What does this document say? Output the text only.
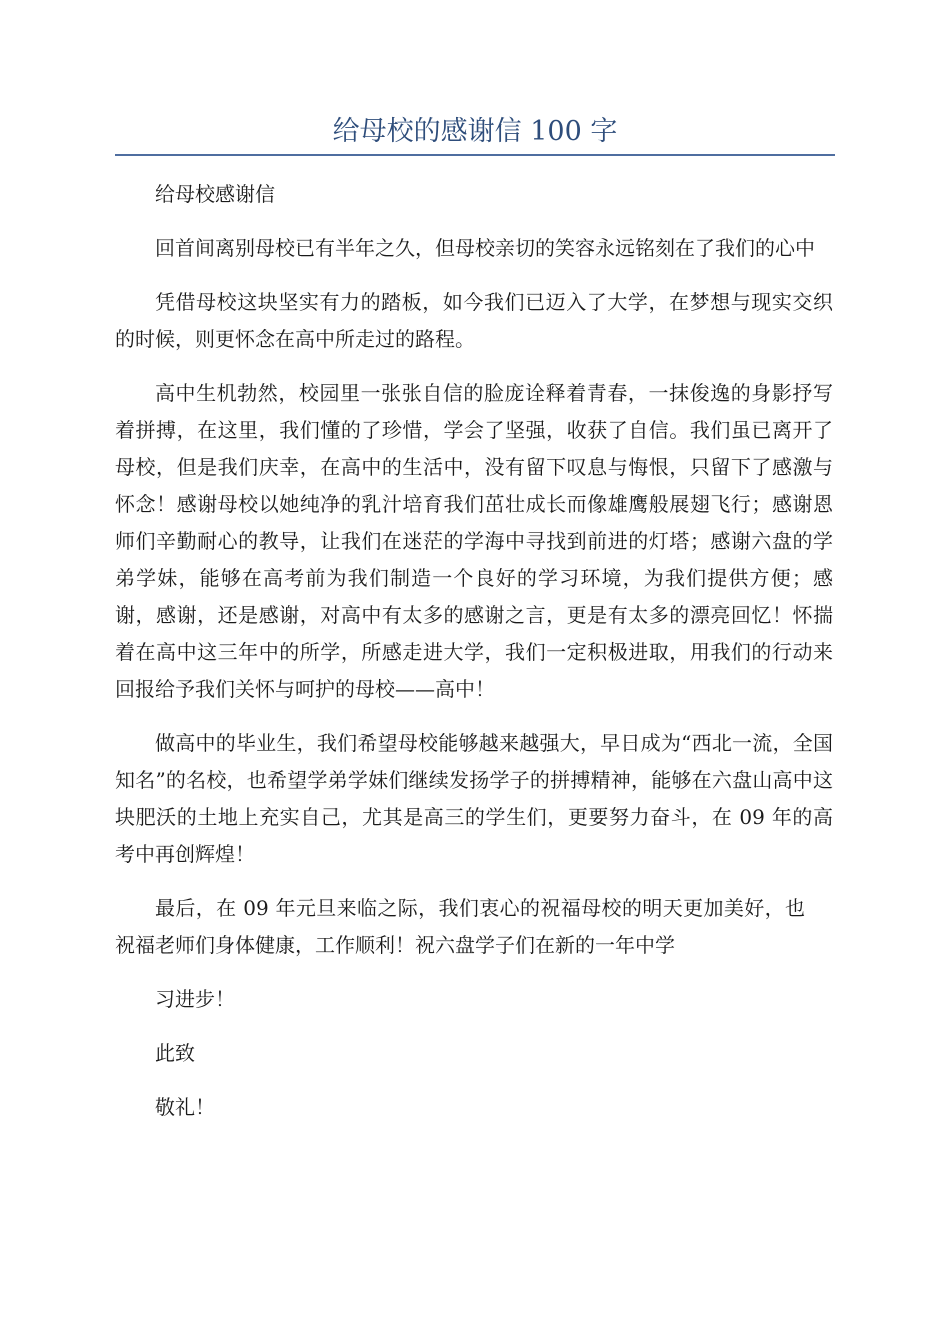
给母校的感谢信 100 字

给母校感谢信

回首间离别母校已有半年之久，但母校亲切的笑容永远铭刻在了我们的心中

凭借母校这块坚实有力的踏板，如今我们已迈入了大学，在梦想与现实交织的时候，则更怀念在高中所走过的路程。

高中生机勃然，校园里一张张自信的脸庞诠释着青春，一抹俊逸的身影抒写着拼搏，在这里，我们懂的了珍惜，学会了坚强，收获了自信。我们虽已离开了母校，但是我们庆幸，在高中的生活中，没有留下叹息与悔恨，只留下了感激与怀念！感谢母校以她纯净的乳汁培育我们茁壮成长而像雄鹰般展翅飞行；感谢恩师们辛勤耐心的教导，让我们在迷茫的学海中寻找到前进的灯塔；感谢六盘的学弟学妹，能够在高考前为我们制造一个良好的学习环境，为我们提供方便；感谢，感谢，还是感谢，对高中有太多的感谢之言，更是有太多的漂亮回忆！怀揣着在高中这三年中的所学，所感走进大学，我们一定积极进取，用我们的行动来回报给予我们关怀与呵护的母校——高中！

做高中的毕业生，我们希望母校能够越来越强大，早日成为“西北一流，全国知名”的名校，也希望学弟学妹们继续发扬学子的拼搏精神，能够在六盘山高中这块肥沃的土地上充实自己，尤其是高三的学生们，更要努力奋斗，在 09 年的高考中再创辉煌！

最后，在 09 年元旦来临之际，我们衷心的祝福母校的明天更加美好，也祝福老师们身体健康，工作顺利！祝六盘学子们在新的一年中学

习进步！

此致

敬礼！
